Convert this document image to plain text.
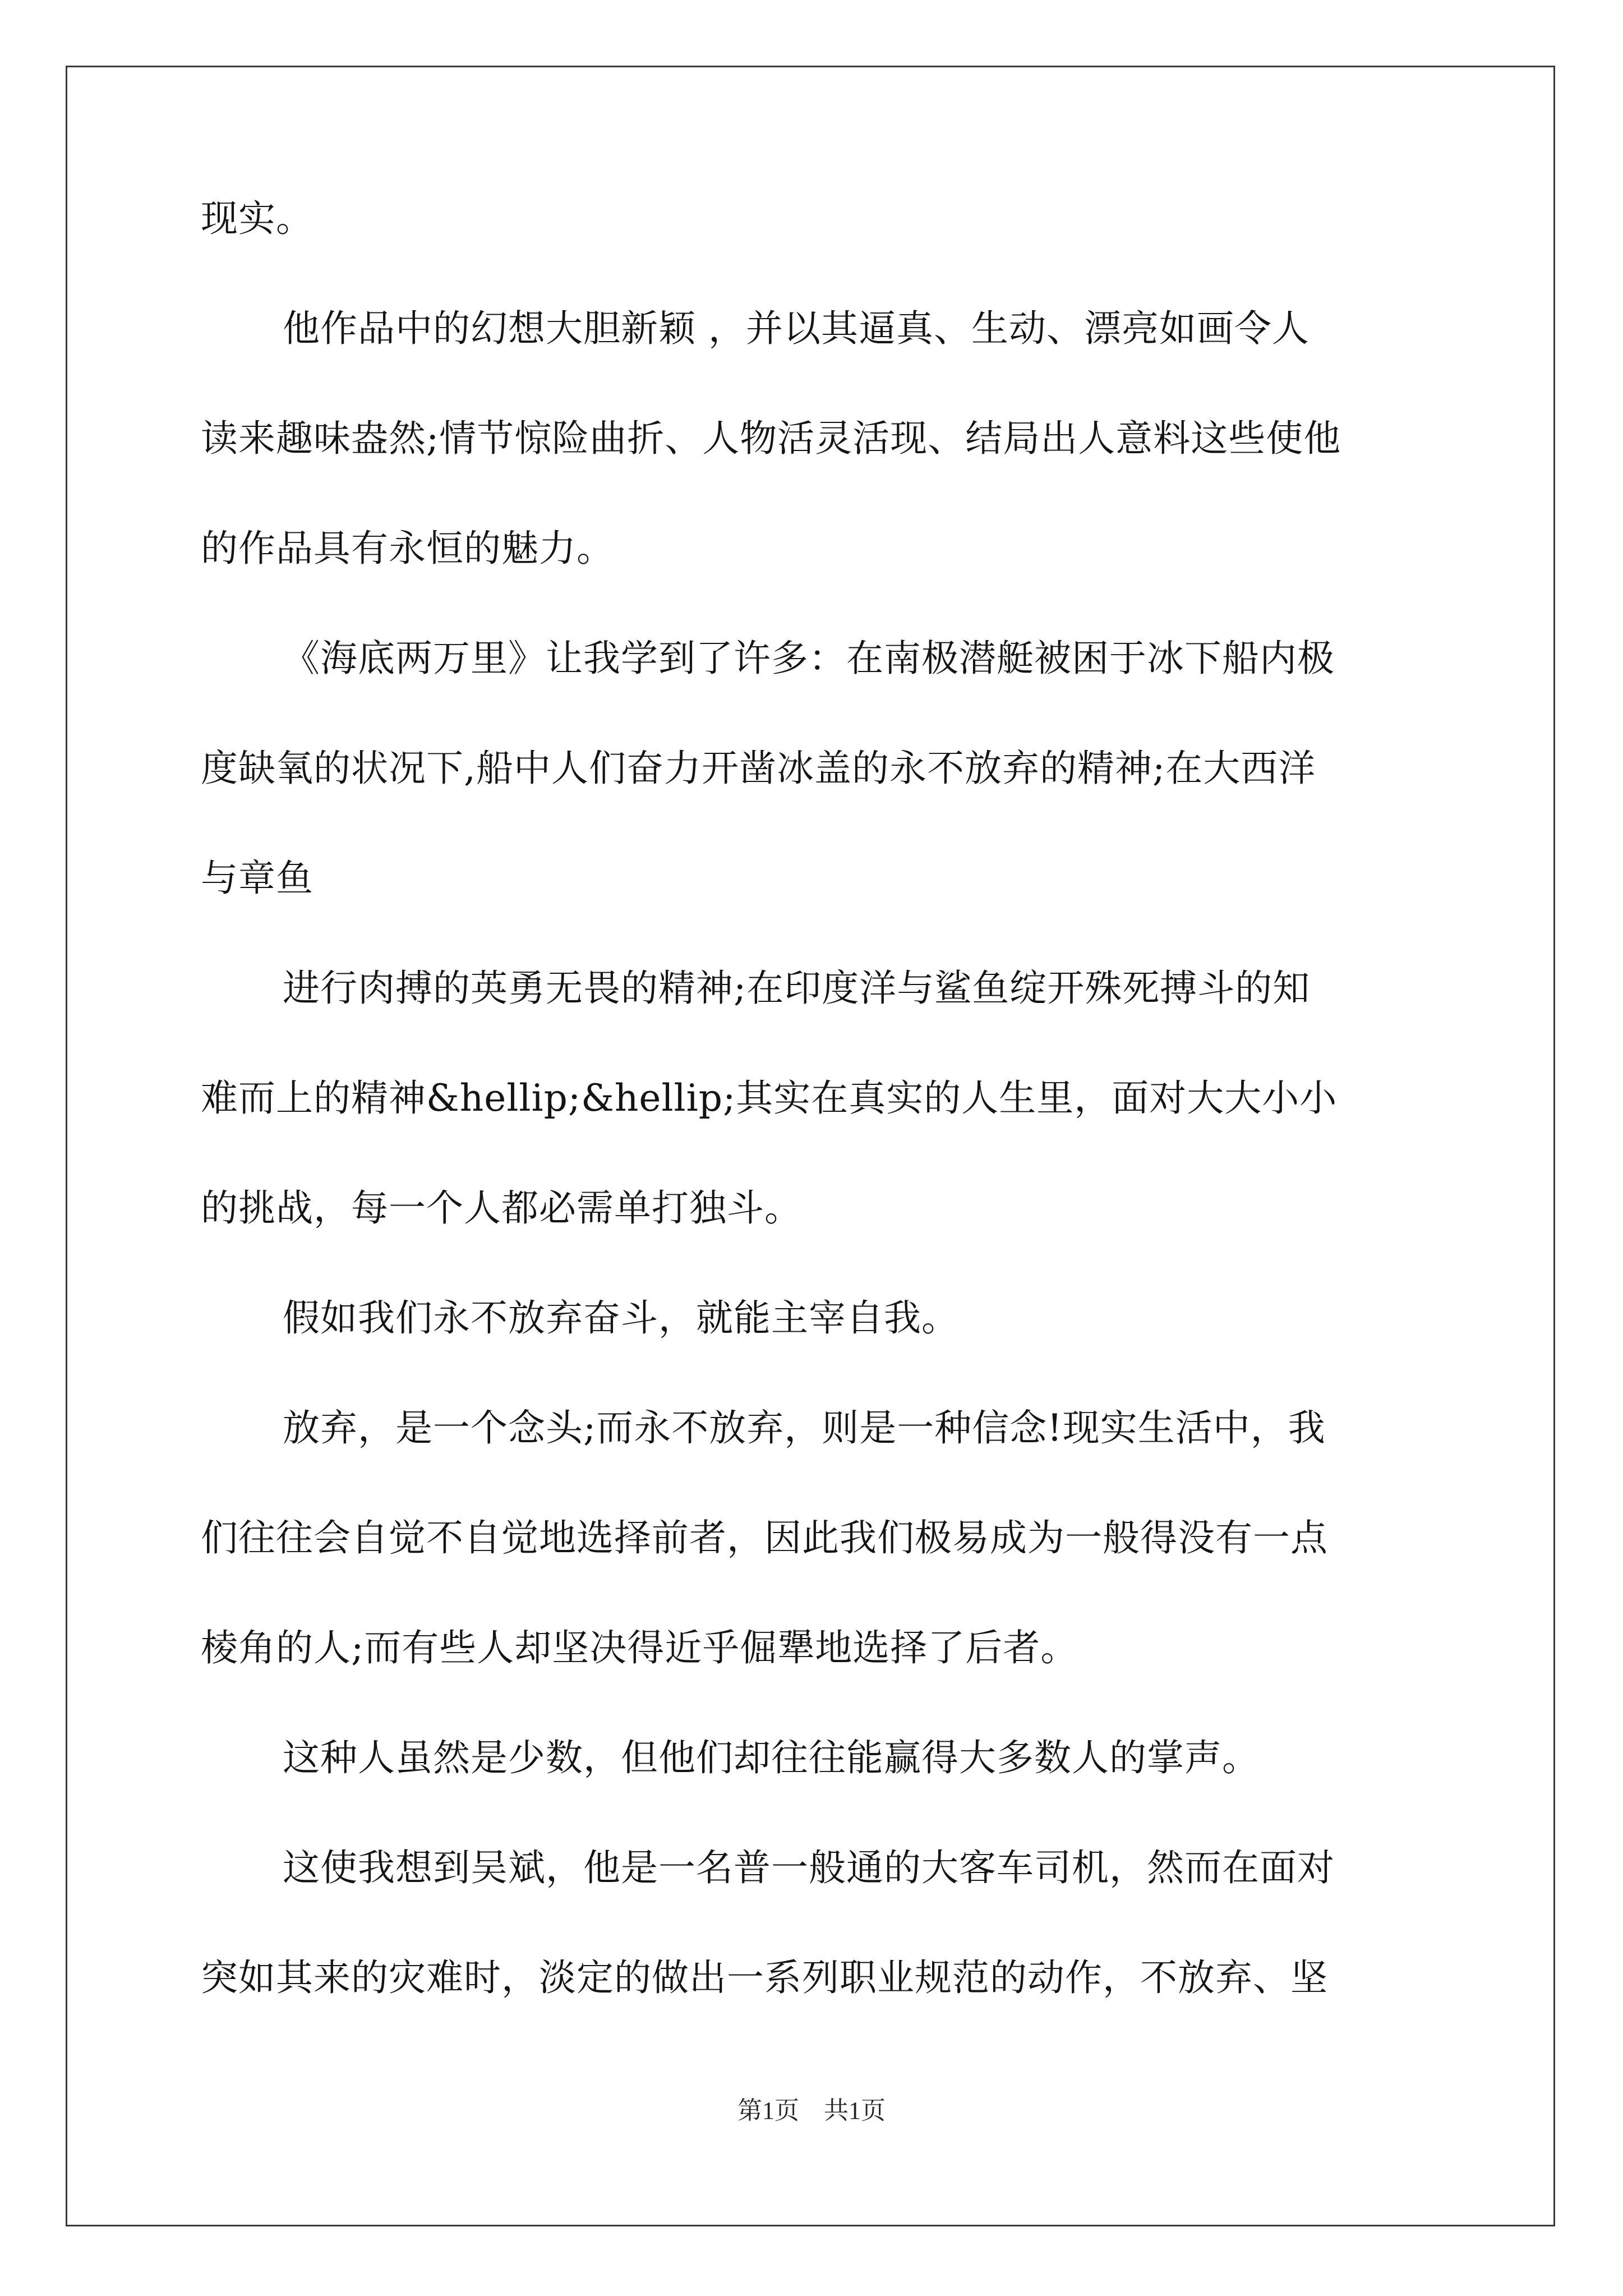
现实。
他作品中的幻想大胆新颖 ，并以其逼真、生动、漂亮如画令人
读来趣味盎然;情节惊险曲折、人物活灵活现、结局出人意料这些使他
的作品具有永恒的魅力。
《海底两万里》让我学到了许多：在南极潜艇被困于冰下船内极
度缺氧的状况下,船中人们奋力开凿冰盖的永不放弃的精神;在大西洋
与章鱼
进行肉搏的英勇无畏的精神;在印度洋与鲨鱼绽开殊死搏斗的知
难而上的精神&hellip;&hellip;其实在真实的人生里，面对大大小小
的挑战，每一个人都必需单打独斗。
假如我们永不放弃奋斗，就能主宰自我。
放弃，是一个念头;而永不放弃，则是一种信念!现实生活中，我
们往往会自觉不自觉地选择前者，因此我们极易成为一般得没有一点
棱角的人;而有些人却坚决得近乎倔犟地选择了后者。
这种人虽然是少数，但他们却往往能赢得大多数人的掌声。
这使我想到吴斌，他是一名普一般通的大客车司机，然而在面对
突如其来的灾难时，淡定的做出一系列职业规范的动作，不放弃、坚
第1页　共1页
